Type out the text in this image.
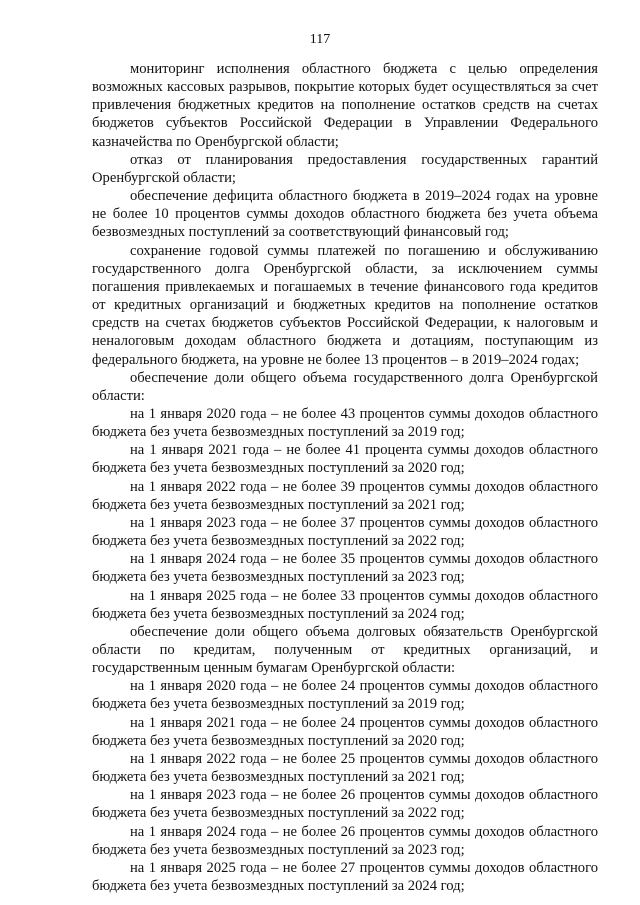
117

мониторинг исполнения областного бюджета с целью определения возможных кассовых разрывов, покрытие которых будет осуществляться за счет привлечения бюджетных кредитов на пополнение остатков средств на счетах бюджетов субъектов Российской Федерации в Управлении Федерального казначейства по Оренбургской области;

отказ от планирования предоставления государственных гарантий Оренбургской области;

обеспечение дефицита областного бюджета в 2019–2024 годах на уровне не более 10 процентов суммы доходов областного бюджета без учета объема безвозмездных поступлений за соответствующий финансовый год;

сохранение годовой суммы платежей по погашению и обслуживанию государственного долга Оренбургской области, за исключением суммы погашения привлекаемых и погашаемых в течение финансового года кредитов от кредитных организаций и бюджетных кредитов на пополнение остатков средств на счетах бюджетов субъектов Российской Федерации, к налоговым и неналоговым доходам областного бюджета и дотациям, поступающим из федерального бюджета, на уровне не более 13 процентов – в 2019–2024 годах;

обеспечение доли общего объема государственного долга Оренбургской области:

на 1 января 2020 года – не более 43 процентов суммы доходов областного бюджета без учета безвозмездных поступлений за 2019 год;

на 1 января 2021 года – не более 41 процента суммы доходов областного бюджета без учета безвозмездных поступлений за 2020 год;

на 1 января 2022 года – не более 39 процентов суммы доходов областного бюджета без учета безвозмездных поступлений за 2021 год;

на 1 января 2023 года – не более 37 процентов суммы доходов областного бюджета без учета безвозмездных поступлений за 2022 год;

на 1 января 2024 года – не более 35 процентов суммы доходов областного бюджета без учета безвозмездных поступлений за 2023 год;

на 1 января 2025 года – не более 33 процентов суммы доходов областного бюджета без учета безвозмездных поступлений за 2024 год;

обеспечение доли общего объема долговых обязательств Оренбургской области по кредитам, полученным от кредитных организаций, и государственным ценным бумагам Оренбургской области:

на 1 января 2020 года – не более 24 процентов суммы доходов областного бюджета без учета безвозмездных поступлений за 2019 год;

на 1 января 2021 года – не более 24 процентов суммы доходов областного бюджета без учета безвозмездных поступлений за 2020 год;

на 1 января 2022 года – не более 25 процентов суммы доходов областного бюджета без учета безвозмездных поступлений за 2021 год;

на 1 января 2023 года – не более 26 процентов суммы доходов областного бюджета без учета безвозмездных поступлений за 2022 год;

на 1 января 2024 года – не более 26 процентов суммы доходов областного бюджета без учета безвозмездных поступлений за 2023 год;

на 1 января 2025 года – не более 27 процентов суммы доходов областного бюджета без учета безвозмездных поступлений за 2024 год;
